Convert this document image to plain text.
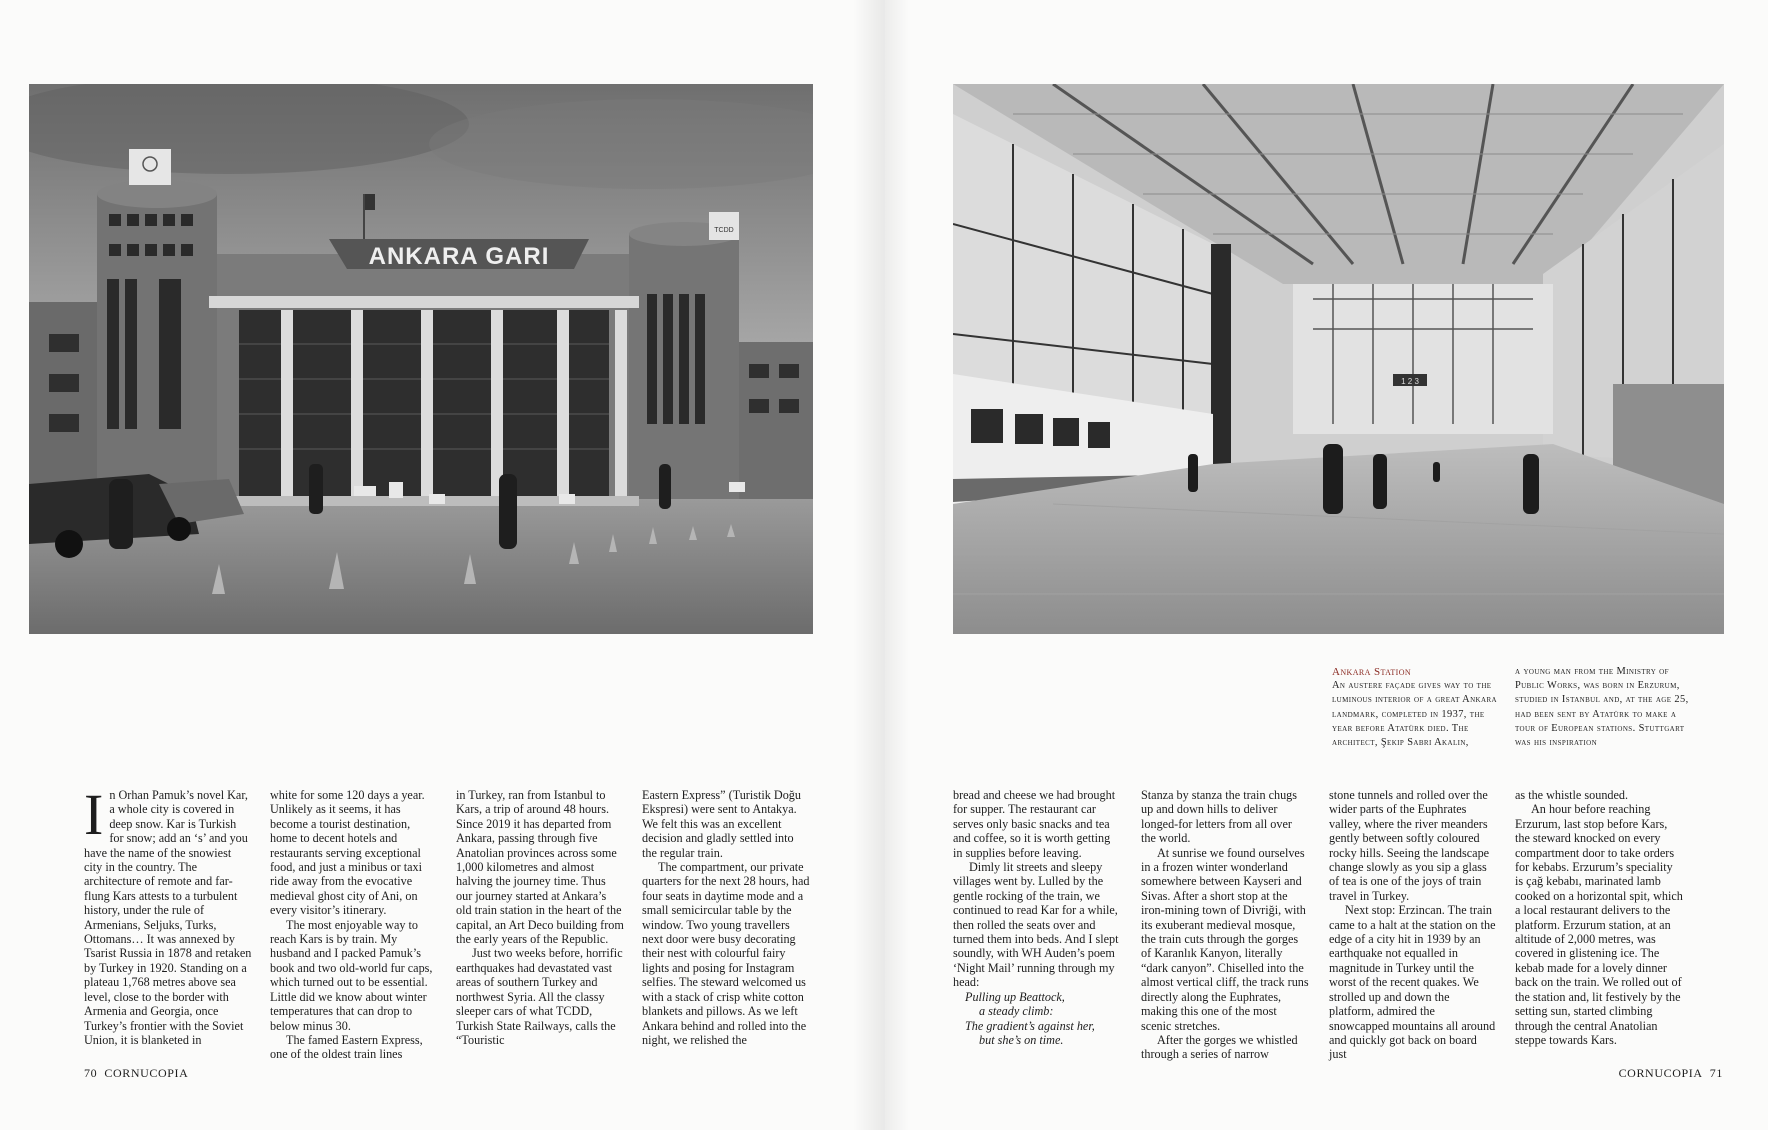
TCDD
ANKARA GARI

In Orhan Pamuk’s novel Kar, a whole city is covered in deep snow. Kar is Turkish for snow; add an ‘s’ and you have the name of the snowiest city in the country. The architecture of remote and far-flung Kars attests to a turbulent history, under the rule of Armenians, Seljuks, Turks, Ottomans… It was annexed by Tsarist Russia in 1878 and retaken by Turkey in 1920. Standing on a plateau 1,768 metres above sea level, close to the border with Armenia and Georgia, once Turkey’s frontier with the Soviet Union, it is blanketed in

white for some 120 days a year. Unlikely as it seems, it has become a tourist destination, home to decent hotels and restaurants serving exceptional food, and just a minibus or taxi ride away from the evocative medieval ghost city of Ani, on every visitor’s itinerary.

The most enjoyable way to reach Kars is by train. My husband and I packed Pamuk’s book and two old-world fur caps, which turned out to be essential. Little did we know about winter temperatures that can drop to below minus 30.

The famed Eastern Express, one of the oldest train lines

in Turkey, ran from Istanbul to Kars, a trip of around 48 hours. Since 2019 it has departed from Ankara, passing through five Anatolian provinces across some 1,000 kilometres and almost halving the journey time. Thus our journey started at Ankara’s old train station in the heart of the capital, an Art Deco building from the early years of the Republic.

Just two weeks before, horrific earthquakes had devastated vast areas of southern Turkey and northwest Syria. All the classy sleeper cars of what TCDD, Turkish State Railways, calls the “Touristic

Eastern Express” (Turistik Doğu Ekspresi) were sent to Antakya. We felt this was an excellent decision and gladly settled into the regular train.

The compartment, our private quarters for the next 28 hours, had four seats in daytime mode and a small semicircular table by the window. Two young travellers next door were busy decorating their nest with colourful fairy lights and posing for Instagram selfies. The steward welcomed us with a stack of crisp white cotton blankets and pillows. As we left Ankara behind and rolled into the night, we relished the

70 CORNUCOPIA
1 2 3
Ankara Station
An austere façade gives way to the luminous interior of a great Ankara landmark, completed in 1937, the year before Atatürk died. The architect, Şekip Sabri Akalın,
a young man from the Ministry of Public Works, was born in Erzurum, studied in Istanbul and, at the age 25, had been sent by Atatürk to make a tour of European stations. Stuttgart was his inspiration

bread and cheese we had brought for supper. The restaurant car serves only basic snacks and tea and coffee, so it is worth getting in supplies before leaving.

Dimly lit streets and sleepy villages went by. Lulled by the gentle rocking of the train, we continued to read Kar for a while, then rolled the seats over and turned them into beds. And I slept soundly, with WH Auden’s poem ‘Night Mail’ running through my head:

Pulling up Beattock,

a steady climb:

The gradient’s against her,

but she’s on time.

Stanza by stanza the train chugs up and down hills to deliver longed-for letters from all over the world.

At sunrise we found ourselves in a frozen winter wonderland somewhere between Kayseri and Sivas. After a short stop at the iron-mining town of Divriği, with its exuberant medieval mosque, the train cuts through the gorges of Karanlık Kanyon, literally “dark canyon”. Chiselled into the almost vertical cliff, the track runs directly along the Euphrates, making this one of the most scenic stretches.

After the gorges we whistled through a series of narrow

stone tunnels and rolled over the wider parts of the Euphrates valley, where the river meanders gently between softly coloured rocky hills. Seeing the landscape change slowly as you sip a glass of tea is one of the joys of train travel in Turkey.

Next stop: Erzincan. The train came to a halt at the station on the edge of a city hit in 1939 by an earthquake not equalled in magnitude in Turkey until the worst of the recent quakes. We strolled up and down the platform, admired the snowcapped mountains all around and quickly got back on board just

as the whistle sounded.

An hour before reaching Erzurum, last stop before Kars, the steward knocked on every compartment door to take orders for kebabs. Erzurum’s speciality is çağ kebabı, marinated lamb cooked on a horizontal spit, which a local restaurant delivers to the platform. Erzurum station, at an altitude of 2,000 metres, was covered in glistening ice. The kebab made for a lovely dinner back on the train. We rolled out of the station and, lit festively by the setting sun, started climbing through the central Anatolian steppe towards Kars.

CORNUCOPIA 71
